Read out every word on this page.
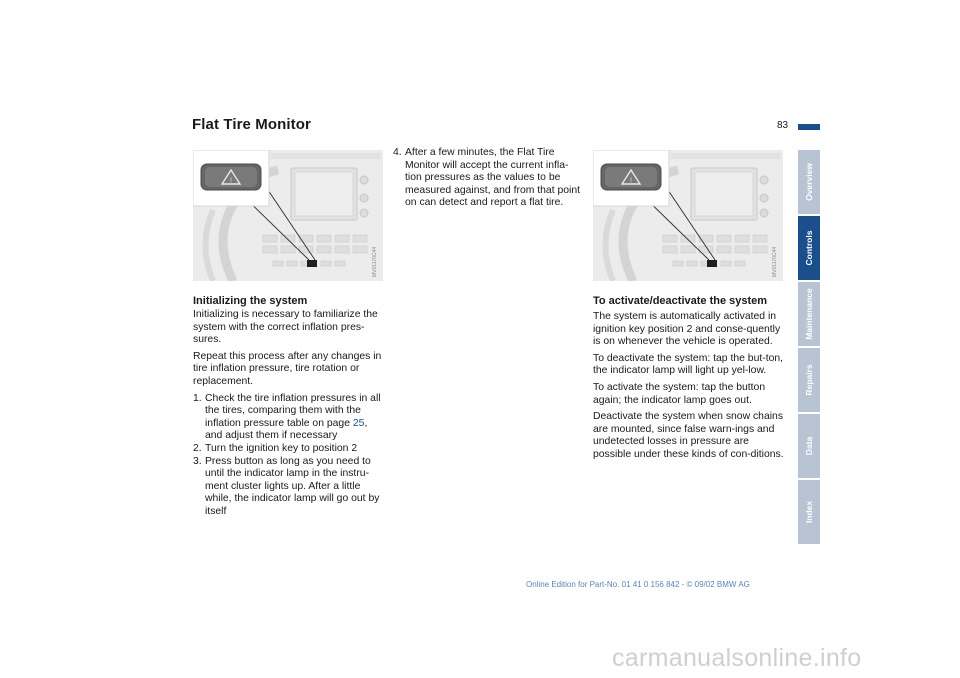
Flat Tire Monitor	83
!
MV01170C44
!
MV01170C44
Initializing the system

Initializing is necessary to familiarize the system with the correct inflation pres-sures.

Repeat this process after any changes in tire inflation pressure, tire rotation or replacement.

1. Check the tire inflation pressures in all the tires, comparing them with the inflation pressure table on page 25, and adjust them if necessary
2. Turn the ignition key to position 2
3. Press button as long as you need to until the indicator lamp in the instru-ment cluster lights up. After a little while, the indicator lamp will go out by itself
4. After a few minutes, the Flat Tire Monitor will accept the current infla-tion pressures as the values to be measured against, and from that point on can detect and report a flat tire.
To activate/deactivate the system

The system is automatically activated in ignition key position 2 and conse-quently is on whenever the vehicle is operated.

To deactivate the system: tap the but-ton, the indicator lamp will light up yel-low.

To activate the system: tap the button again; the indicator lamp goes out.

Deactivate the system when snow chains are mounted, since false warn-ings and undetected losses in pressure are possible under these kinds of con-ditions.

Overview
Controls
Maintenance
Repairs
Data
Index
Online Edition for Part-No. 01 41 0 156 842 - © 09/02 BMW AG
carmanualsonline.info
